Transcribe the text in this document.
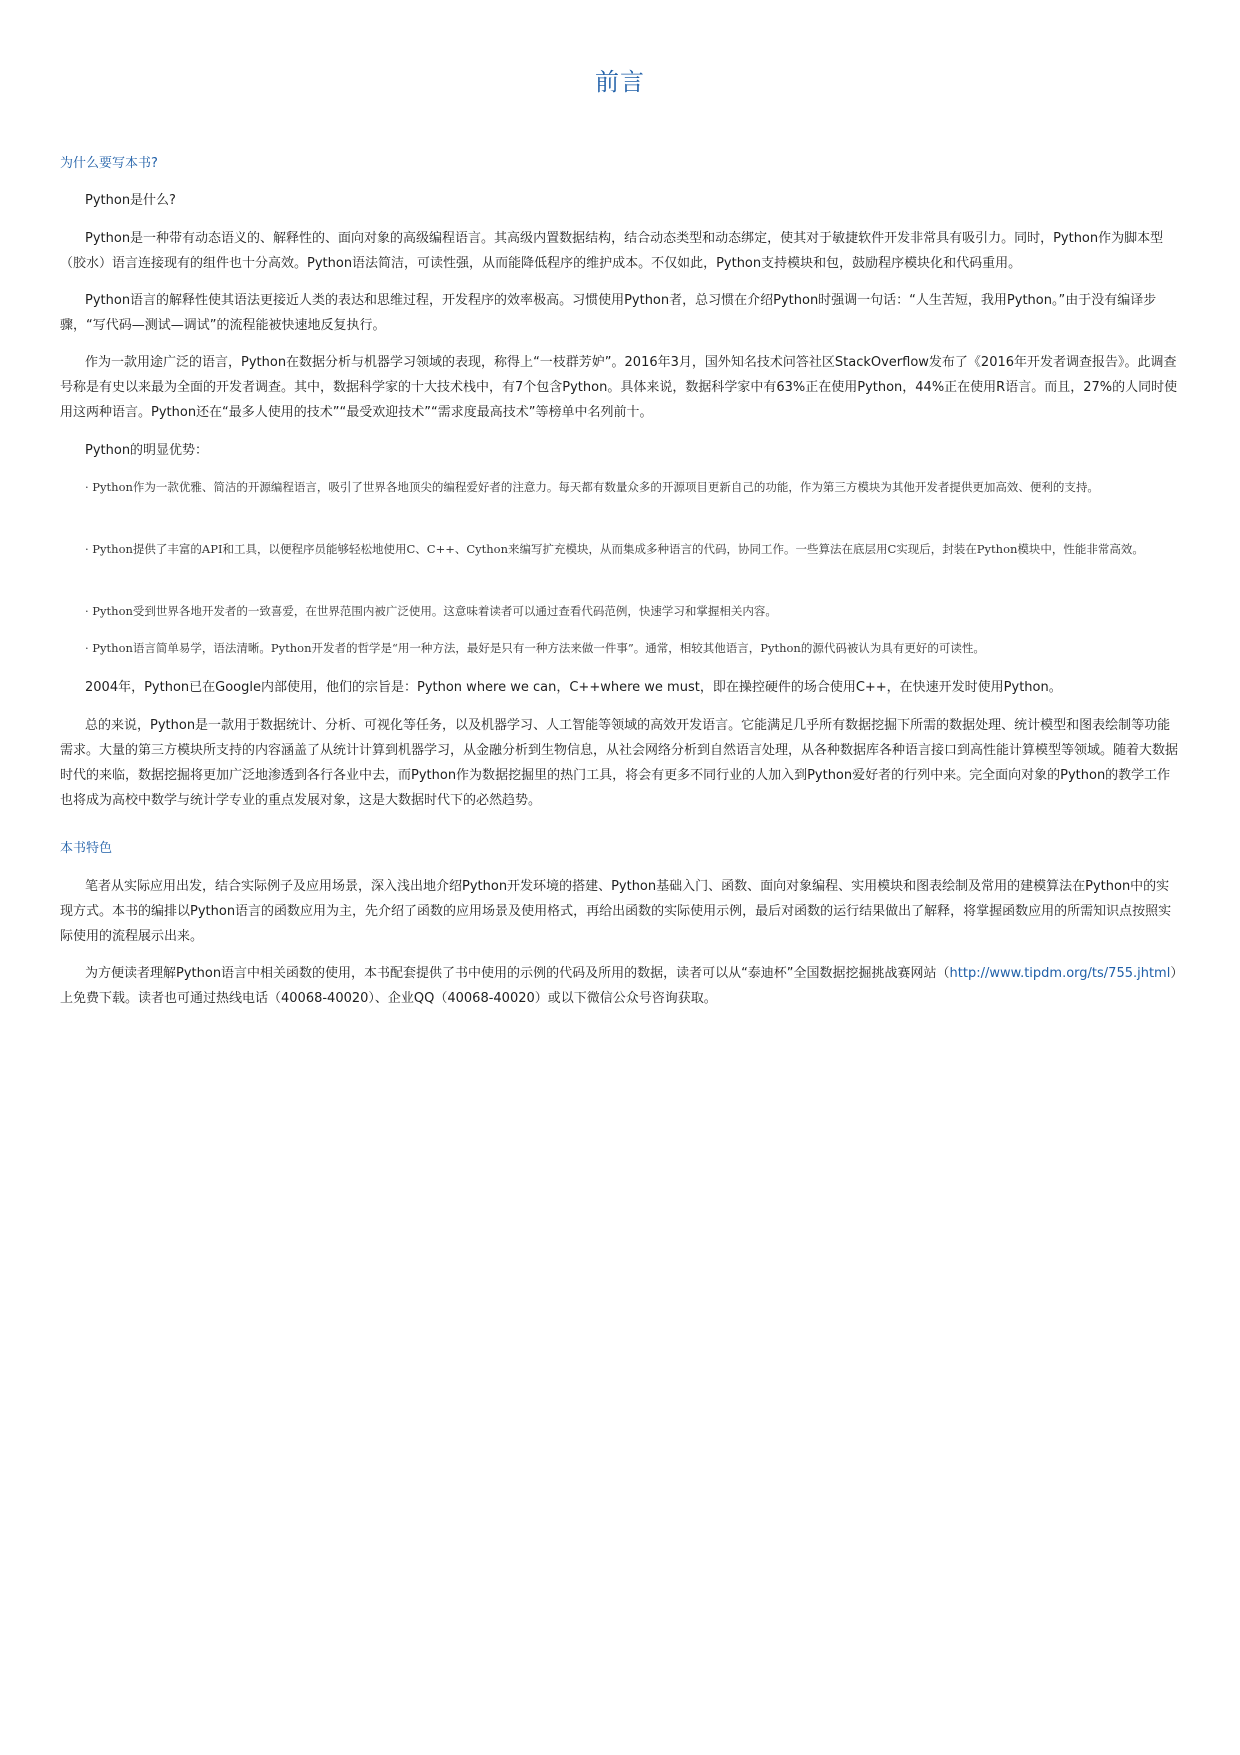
前言
为什么要写本书?

Python是什么?

Python是一种带有动态语义的、解释性的、面向对象的高级编程语言。其高级内置数据结构，结合动态类型和动态绑定，使其对于敏捷软件开发非常具有吸引力。同时，Python作为脚本型（胶水）语言连接现有的组件也十分高效。Python语法简洁，可读性强，从而能降低程序的维护成本。不仅如此，Python支持模块和包，鼓励程序模块化和代码重用。

Python语言的解释性使其语法更接近人类的表达和思维过程，开发程序的效率极高。习惯使用Python者，总习惯在介绍Python时强调一句话：“人生苦短，我用Python。”由于没有编译步骤，“写代码—测试—调试”的流程能被快速地反复执行。

作为一款用途广泛的语言，Python在数据分析与机器学习领域的表现，称得上“一枝群芳妒”。2016年3月，国外知名技术问答社区StackOverflow发布了《2016年开发者调查报告》。此调查号称是有史以来最为全面的开发者调查。其中，数据科学家的十大技术栈中，有7个包含Python。具体来说，数据科学家中有63%正在使用Python，44%正在使用R语言。而且，27%的人同时使用这两种语言。Python还在“最多人使用的技术”“最受欢迎技术”“需求度最高技术”等榜单中名列前十。

Python的明显优势：

· Python作为一款优雅、简洁的开源编程语言，吸引了世界各地顶尖的编程爱好者的注意力。每天都有数量众多的开源项目更新自己的功能，作为第三方模块为其他开发者提供更加高效、便利的支持。

· Python提供了丰富的API和工具，以便程序员能够轻松地使用C、C++、Cython来编写扩充模块，从而集成多种语言的代码，协同工作。一些算法在底层用C实现后，封装在Python模块中，性能非常高效。

· Python受到世界各地开发者的一致喜爱，在世界范围内被广泛使用。这意味着读者可以通过查看代码范例，快速学习和掌握相关内容。

· Python语言简单易学，语法清晰。Python开发者的哲学是“用一种方法，最好是只有一种方法来做一件事”。通常，相较其他语言，Python的源代码被认为具有更好的可读性。

2004年，Python已在Google内部使用，他们的宗旨是：Python where we can，C++where we must，即在操控硬件的场合使用C++，在快速开发时使用Python。

总的来说，Python是一款用于数据统计、分析、可视化等任务，以及机器学习、人工智能等领域的高效开发语言。它能满足几乎所有数据挖掘下所需的数据处理、统计模型和图表绘制等功能需求。大量的第三方模块所支持的内容涵盖了从统计计算到机器学习，从金融分析到生物信息，从社会网络分析到自然语言处理，从各种数据库各种语言接口到高性能计算模型等领域。随着大数据时代的来临，数据挖掘将更加广泛地渗透到各行各业中去，而Python作为数据挖掘里的热门工具，将会有更多不同行业的人加入到Python爱好者的行列中来。完全面向对象的Python的教学工作也将成为高校中数学与统计学专业的重点发展对象，这是大数据时代下的必然趋势。

本书特色

笔者从实际应用出发，结合实际例子及应用场景，深入浅出地介绍Python开发环境的搭建、Python基础入门、函数、面向对象编程、实用模块和图表绘制及常用的建模算法在Python中的实现方式。本书的编排以Python语言的函数应用为主，先介绍了函数的应用场景及使用格式，再给出函数的实际使用示例，最后对函数的运行结果做出了解释，将掌握函数应用的所需知识点按照实际使用的流程展示出来。

为方便读者理解Python语言中相关函数的使用，本书配套提供了书中使用的示例的代码及所用的数据，读者可以从“泰迪杯”全国数据挖掘挑战赛网站（http://www.tipdm.org/ts/755.jhtml）上免费下载。读者也可通过热线电话（40068-40020）、企业QQ（40068-40020）或以下微信公众号咨询获取。
